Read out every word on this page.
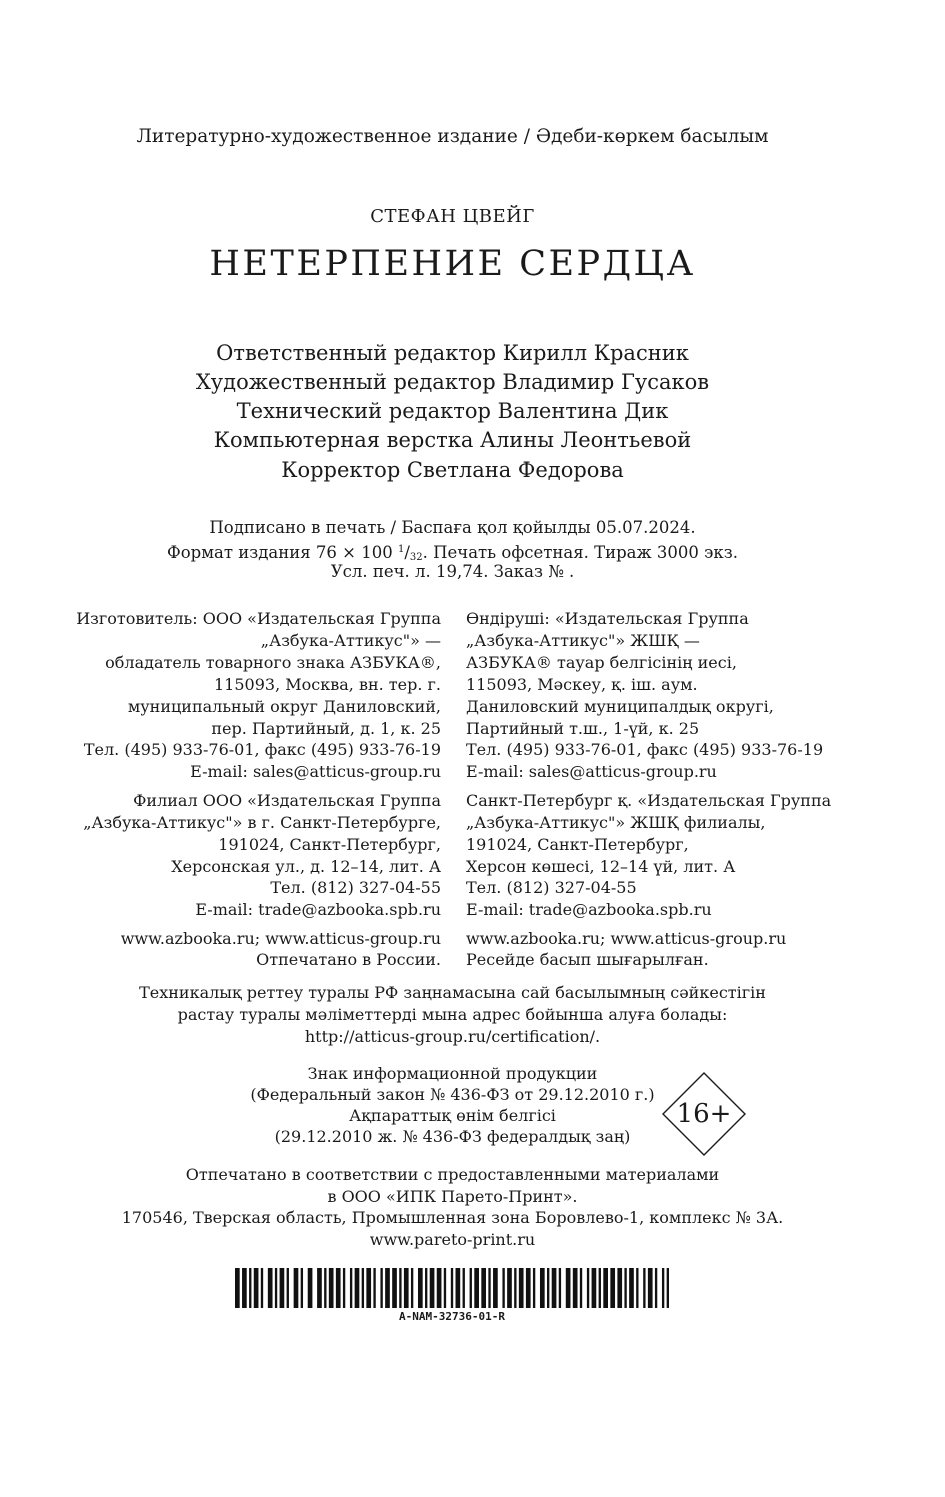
Литературно-художественное издание / Әдеби-көркем басылым
СТЕФАН ЦВЕЙГ
НЕТЕРПЕНИЕ СЕРДЦА
Ответственный редактор Кирилл Красник
Художественный редактор Владимир Гусаков
Технический редактор Валентина Дик
Компьютерная верстка Алины Леонтьевой
Корректор Светлана Федорова
Подписано в печать / Баспаға қол қойылды 05.07.2024.
Формат издания 76 × 100 $^1/_{32}$. Печать офсетная. Тираж 3000 экз.
Усл. печ. л. 19,74. Заказ № .
Изготовитель: ООО «Издательская Группа
„Азбука-Аттикус"» —
обладатель товарного знака АЗБУКА®,
115093, Москва, вн. тер. г.
муниципальный округ Даниловский,
пер. Партийный, д. 1, к. 25
Тел. (495) 933-76-01, факс (495) 933-76-19
E-mail: sales@atticus-group.ru
Өндіруші: «Издательская Группа
„Азбука-Аттикус"» ЖШҚ —
АЗБУКА® тауар белгісінің иесі,
115093, Мәскеу, қ. іш. аум.
Даниловский муниципалдық округі,
Партийный т.ш., 1-үй, к. 25
Тел. (495) 933-76-01, факс (495) 933-76-19
E-mail: sales@atticus-group.ru
Филиал ООО «Издательская Группа
„Азбука-Аттикус"» в г. Санкт-Петербурге,
191024, Санкт-Петербург,
Херсонская ул., д. 12–14, лит. А
Тел. (812) 327-04-55
E-mail: trade@azbooka.spb.ru
Санкт-Петербург қ. «Издательская Группа
„Азбука-Аттикус"» ЖШҚ филиалы,
191024, Санкт-Петербург,
Херсон көшесі, 12–14 үй, лит. А
Тел. (812) 327-04-55
E-mail: trade@azbooka.spb.ru
www.azbooka.ru; www.atticus-group.ru
Отпечатано в России.
www.azbooka.ru; www.atticus-group.ru
Ресейде басып шығарылған.
Техникалық реттеу туралы РФ заңнамасына сай басылымның сәйкестігін
растау туралы мәліметтерді мына адрес бойынша алуға болады:
http://atticus-group.ru/certification/.
Знак информационной продукции
(Федеральный закон № 436-ФЗ от 29.12.2010 г.)
Ақпараттық өнім белгісі
(29.12.2010 ж. № 436-ФЗ федералдық заң)
16+
Отпечатано в соответствии с предоставленными материалами
в ООО «ИПК Парето-Принт».
170546, Тверская область, Промышленная зона Боровлево-1, комплекс № 3А.
www.pareto-print.ru
A-NAM-32736-01-R
